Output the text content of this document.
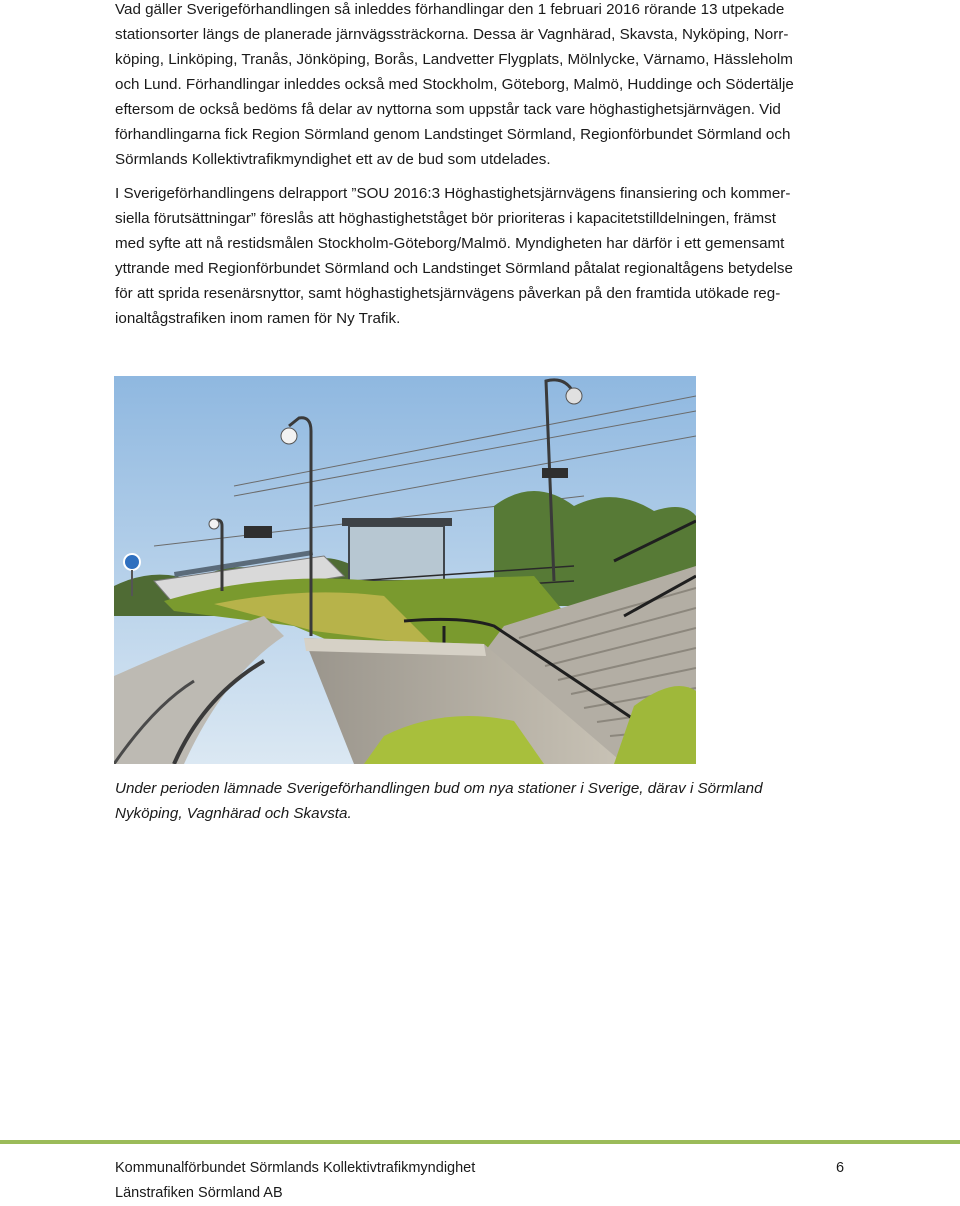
Vad gäller Sverigeförhandlingen så inleddes förhandlingar den 1 februari 2016 rörande 13 utpekade
stationsorter längs de planerade järnvägssträckorna. Dessa är Vagnhärad, Skavsta, Nyköping, Norr-
köping, Linköping, Tranås, Jönköping, Borås, Landvetter Flygplats, Mölnlycke, Värnamo, Hässleholm
och Lund. Förhandlingar inleddes också med Stockholm, Göteborg, Malmö, Huddinge och Södertälje
eftersom de också bedöms få delar av nyttorna som uppstår tack vare höghastighetsjärnvägen. Vid
förhandlingarna fick Region Sörmland genom Landstinget Sörmland, Regionförbundet Sörmland och
Sörmlands Kollektivtrafikmyndighet ett av de bud som utdelades.

I Sverigeförhandlingens delrapport ”SOU 2016:3 Höghastighetsjärnvägens finansiering och kommer-
siella förutsättningar” föreslås att höghastighetståget bör prioriteras i kapacitetstilldelningen, främst
med syfte att nå restidsmålen Stockholm-Göteborg/Malmö. Myndigheten har därför i ett gemensamt
yttrande med Regionförbundet Sörmland och Landstinget Sörmland påtalat regionaltågens betydelse
för att sprida resenärsnyttor, samt höghastighetsjärnvägens påverkan på den framtida utökade reg-
ionaltågstrafiken inom ramen för Ny Trafik.

Under perioden lämnade Sverigeförhandlingen bud om nya stationer i Sverige, därav i Sörmland
Nyköping, Vagnhärad och Skavsta.

Kommunalförbundet Sörmlands Kollektivtrafikmyndighet
Länstrafiken Sörmland AB

6
